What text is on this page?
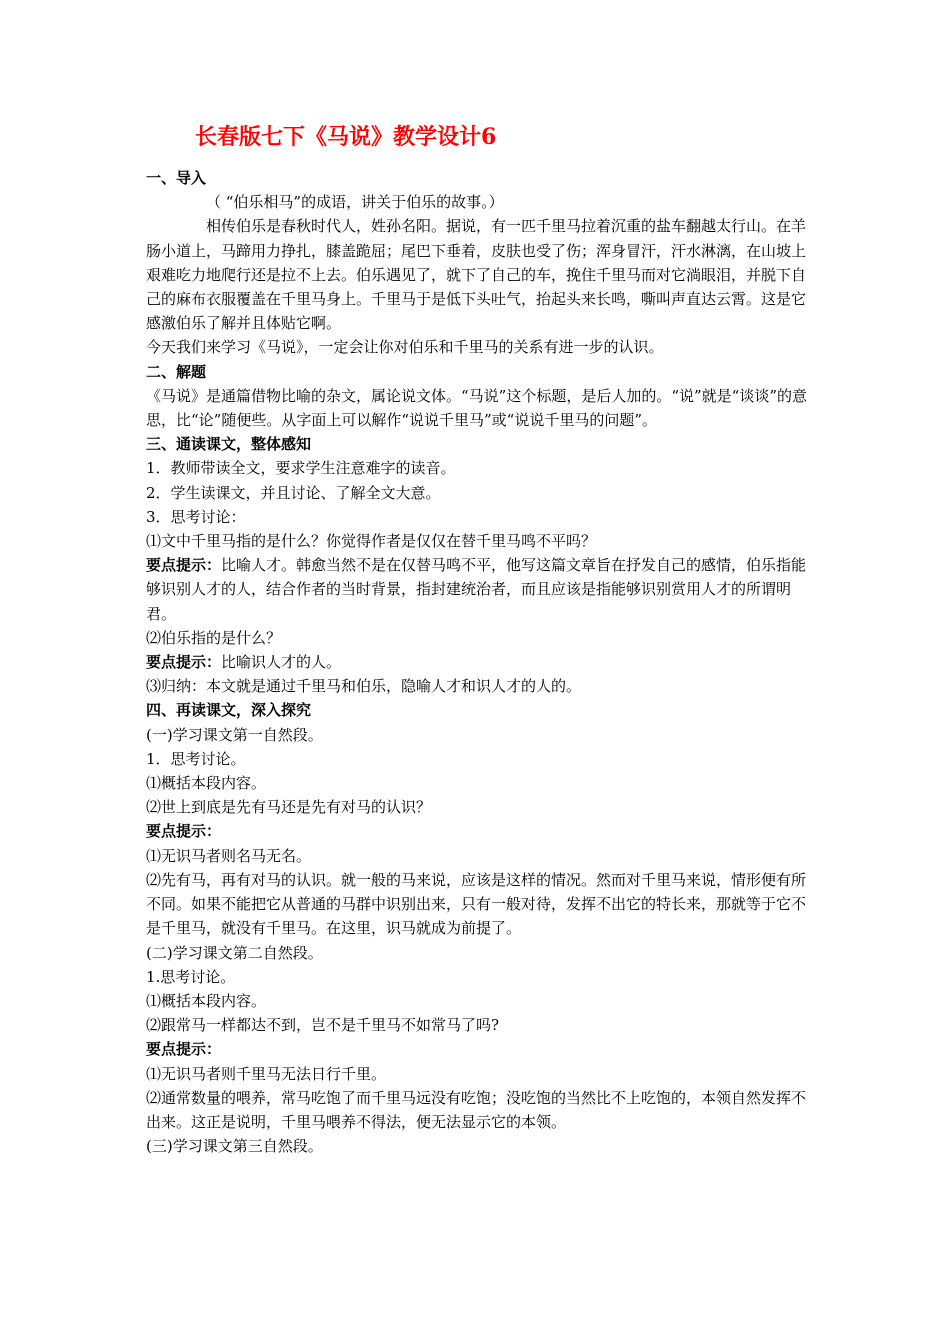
长春版七下《马说》教学设计6

一、导入

（ “伯乐相马”的成语，讲关于伯乐的故事。）

相传伯乐是春秋时代人，姓孙名阳。据说，有一匹千里马拉着沉重的盐车翻越太行山。在羊肠小道上，马蹄用力挣扎，膝盖跪屈；尾巴下垂着，皮肤也受了伤；浑身冒汗，汗水淋漓，在山坡上艰难吃力地爬行还是拉不上去。伯乐遇见了，就下了自己的车，挽住千里马而对它淌眼泪，并脱下自己的麻布衣服覆盖在千里马身上。千里马于是低下头吐气，抬起头来长鸣，嘶叫声直达云霄。这是它感激伯乐了解并且体贴它啊。

今天我们来学习《马说》，一定会让你对伯乐和千里马的关系有进一步的认识。

二、解题

《马说》是通篇借物比喻的杂文，属论说文体。“马说”这个标题，是后人加的。“说”就是“谈谈”的意思，比“论”随便些。从字面上可以解作“说说千里马”或“说说千里马的问题”。

三、通读课文，整体感知

1．教师带读全文，要求学生注意难字的读音。

2．学生读课文，并且讨论、了解全文大意。

3．思考讨论：

⑴文中千里马指的是什么？你觉得作者是仅仅在替千里马鸣不平吗？

要点提示：比喻人才。韩愈当然不是在仅替马鸣不平，他写这篇文章旨在抒发自己的感情，伯乐指能够识别人才的人，结合作者的当时背景，指封建统治者，而且应该是指能够识别赏用人才的所谓明君。

⑵伯乐指的是什么？

要点提示：比喻识人才的人。

⑶归纳：本文就是通过千里马和伯乐，隐喻人才和识人才的人的。

四、再读课文，深入探究

(一)学习课文第一自然段。

1．思考讨论。

⑴概括本段内容。

⑵世上到底是先有马还是先有对马的认识？

要点提示：

⑴无识马者则名马无名。

⑵先有马，再有对马的认识。就一般的马来说，应该是这样的情况。然而对千里马来说，情形便有所不同。如果不能把它从普通的马群中识别出来，只有一般对待，发挥不出它的特长来，那就等于它不是千里马，就没有千里马。在这里，识马就成为前提了。

(二)学习课文第二自然段。

1.思考讨论。

⑴概括本段内容。

⑵跟常马一样都达不到，岂不是千里马不如常马了吗?

要点提示：

⑴无识马者则千里马无法日行千里。

⑵通常数量的喂养，常马吃饱了而千里马远没有吃饱；没吃饱的当然比不上吃饱的，本领自然发挥不出来。这正是说明，千里马喂养不得法，便无法显示它的本领。

(三)学习课文第三自然段。
